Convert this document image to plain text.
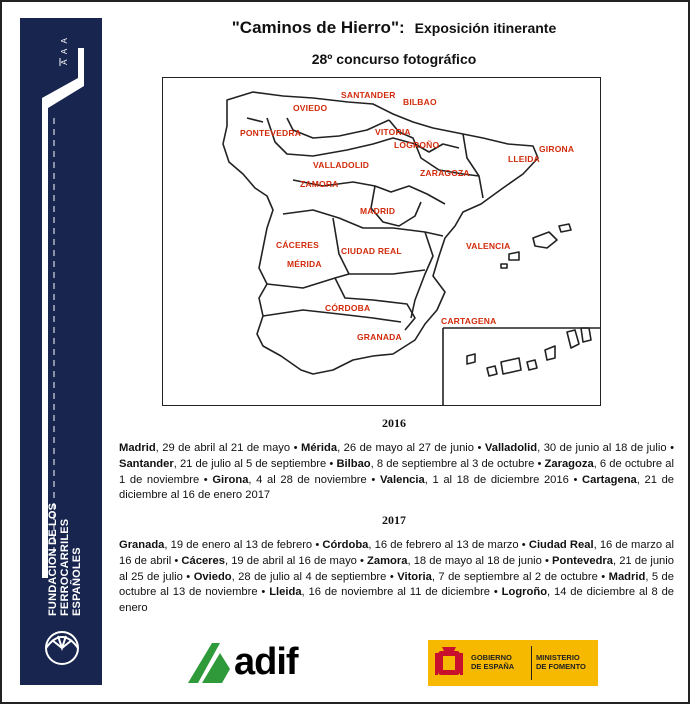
A A A
FUNDACIÓN DE LOS
FERROCARRILES
ESPAÑOLES
"Caminos de Hierro": Exposición itinerante
28º concurso fotográfico
SANTANDER
OVIEDO
BILBAO
PONTEVEDRA	VITORIA
LOGROÑO	GIRONA
LLEIDA
VALLADOLID
ZARAGOZA
ZAMORA
MADRID
CÁCERES
CIUDAD REAL	VALENCIA
MÉRIDA
CÓRDOBA
GRANADA
CARTAGENA
2016
Madrid, 29 de abril al 21 de mayo • Mérida, 26 de mayo al 27 de junio • Valladolid, 30 de junio al 18 de julio • Santander, 21 de julio al 5 de septiembre • Bilbao, 8 de septiembre al 3 de octubre • Zaragoza, 6 de octubre al 1 de noviembre • Girona, 4 al 28 de noviembre • Valencia, 1 al 18 de diciembre 2016 • Cartagena, 21 de diciembre al 16 de enero 2017
2017
Granada, 19 de enero al 13 de febrero • Córdoba, 16 de febrero al 13 de marzo • Ciudad Real, 16 de marzo al 16 de abril • Cáceres, 19 de abril al 16 de mayo • Zamora, 18 de mayo al 18 de junio • Pontevedra, 21 de junio al 25 de julio • Oviedo, 28 de julio al 4 de septiembre • Vitoria, 7 de septiembre al 2 de octubre • Madrid, 5 de octubre al 13 de noviembre • Lleida, 16 de noviembre al 11 de diciembre • Logroño, 14 de diciembre al 8 de enero
adif	GOBIERNO
DE ESPAÑA
MINISTERIO
DE FOMENTO
